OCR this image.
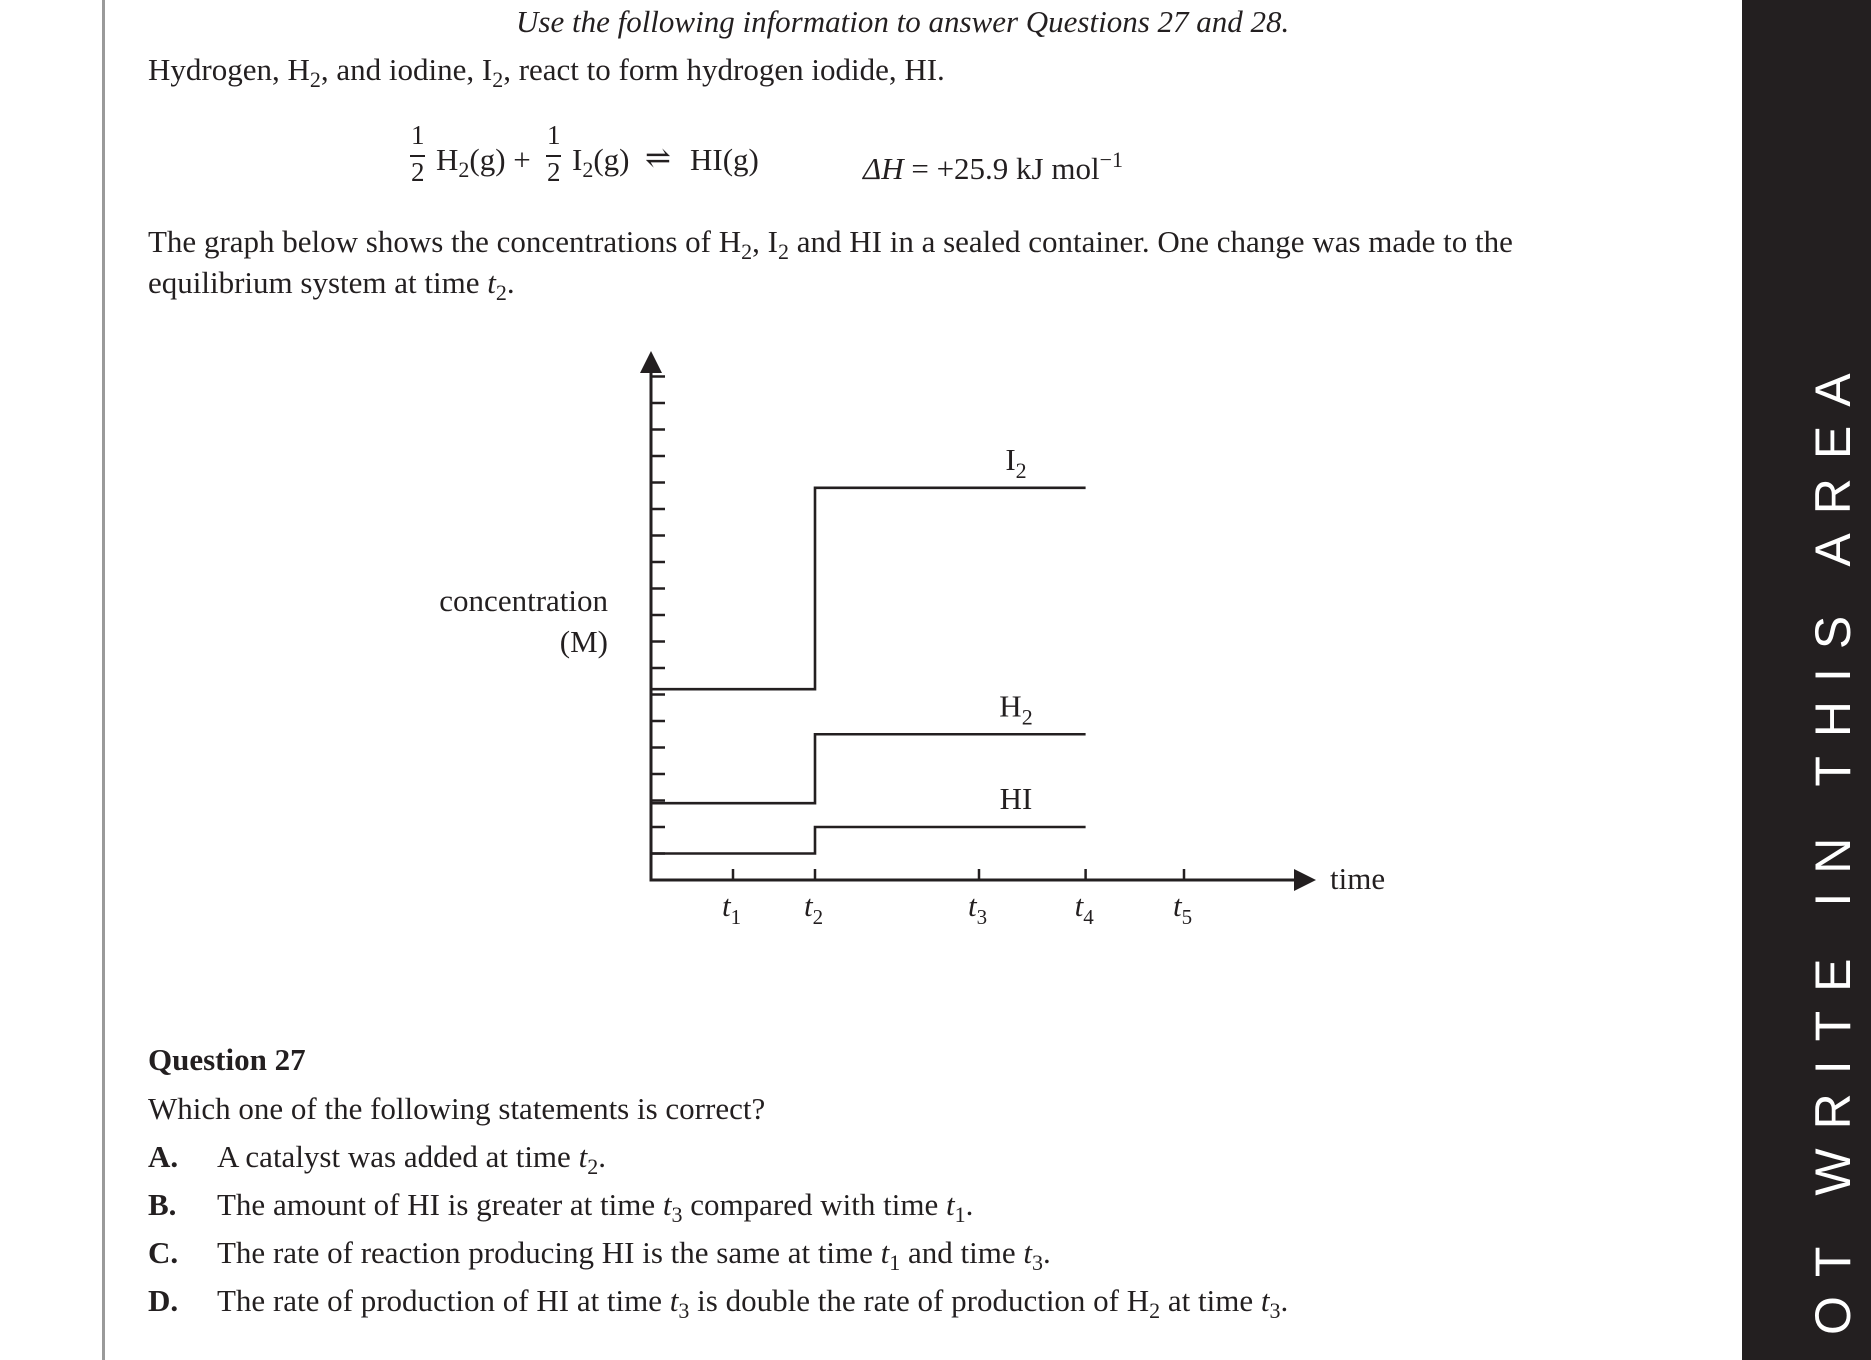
Use the following information to answer Questions 27 and 28.
Hydrogen, $H_2$, and iodine, $I_2$, react to form hydrogen iodide, HI.
1
2 $H_2(g)$ +
1
2 $I_2(g)$ ⇌ HI(g)	ΔH = +25.9 kJ mol$^{-1}$
The graph below shows the concentrations of $H_2$, $I_2$ and HI in a sealed container. One change was made to the
equilibrium system at time $t_2$.
$t_1$ $t_2$	$t_3$	$t_4$	$t_5$
$I_2$
$H_2$
HI
concentration
(M)
time
Question 27
Which one of the following statements is correct?
A. A catalyst was added at time $t_2$.
B. The amount of HI is greater at time $t_3$ compared with time $t_1$.
C. The rate of reaction producing HI is the same at time $t_1$ and time $t_3$.
D. The rate of production of HI at time $t_3$ is double the rate of production of $H_2$ at time $t_3$.	OT WRITE IN THIS AREA
